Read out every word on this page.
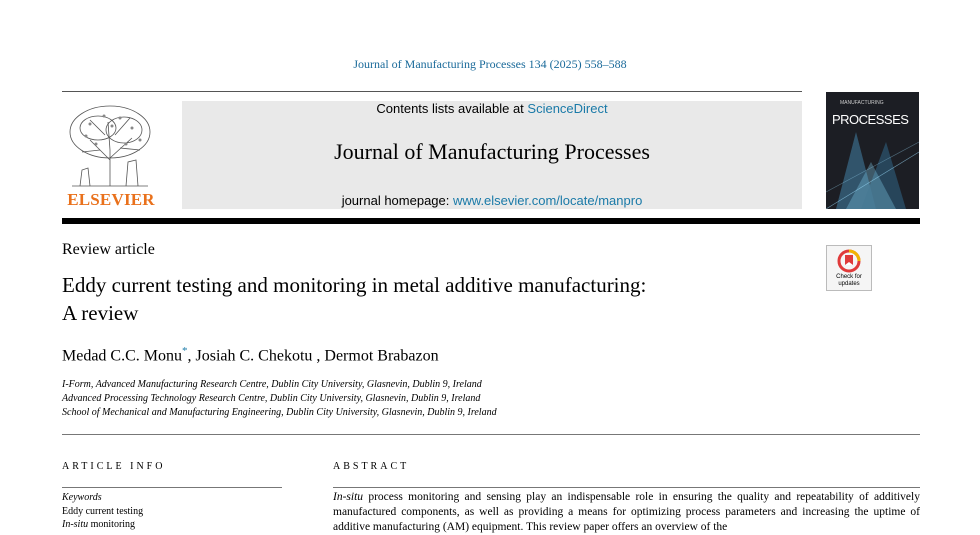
Journal of Manufacturing Processes 134 (2025) 558–588
ELSEVIER
Contents lists available at ScienceDirect
Journal of Manufacturing Processes
journal homepage: www.elsevier.com/locate/manpro
MANUFACTURING
PROCESSES
Review article
Eddy current testing and monitoring in metal additive manufacturing:
A review
Check for
updates
Medad C.C. Monu*, Josiah C. Chekotu , Dermot Brabazon
I-Form, Advanced Manufacturing Research Centre, Dublin City University, Glasnevin, Dublin 9, Ireland
Advanced Processing Technology Research Centre, Dublin City University, Glasnevin, Dublin 9, Ireland
School of Mechanical and Manufacturing Engineering, Dublin City University, Glasnevin, Dublin 9, Ireland
ARTICLE INFO
Keywords
Eddy current testing
In-situ monitoring
ABSTRACT
In-situ process monitoring and sensing play an indispensable role in ensuring the quality and repeatability of additively manufactured components, as well as providing a means for optimizing process parameters and increasing the uptime of additive manufacturing (AM) equipment. This review paper offers an overview of the
